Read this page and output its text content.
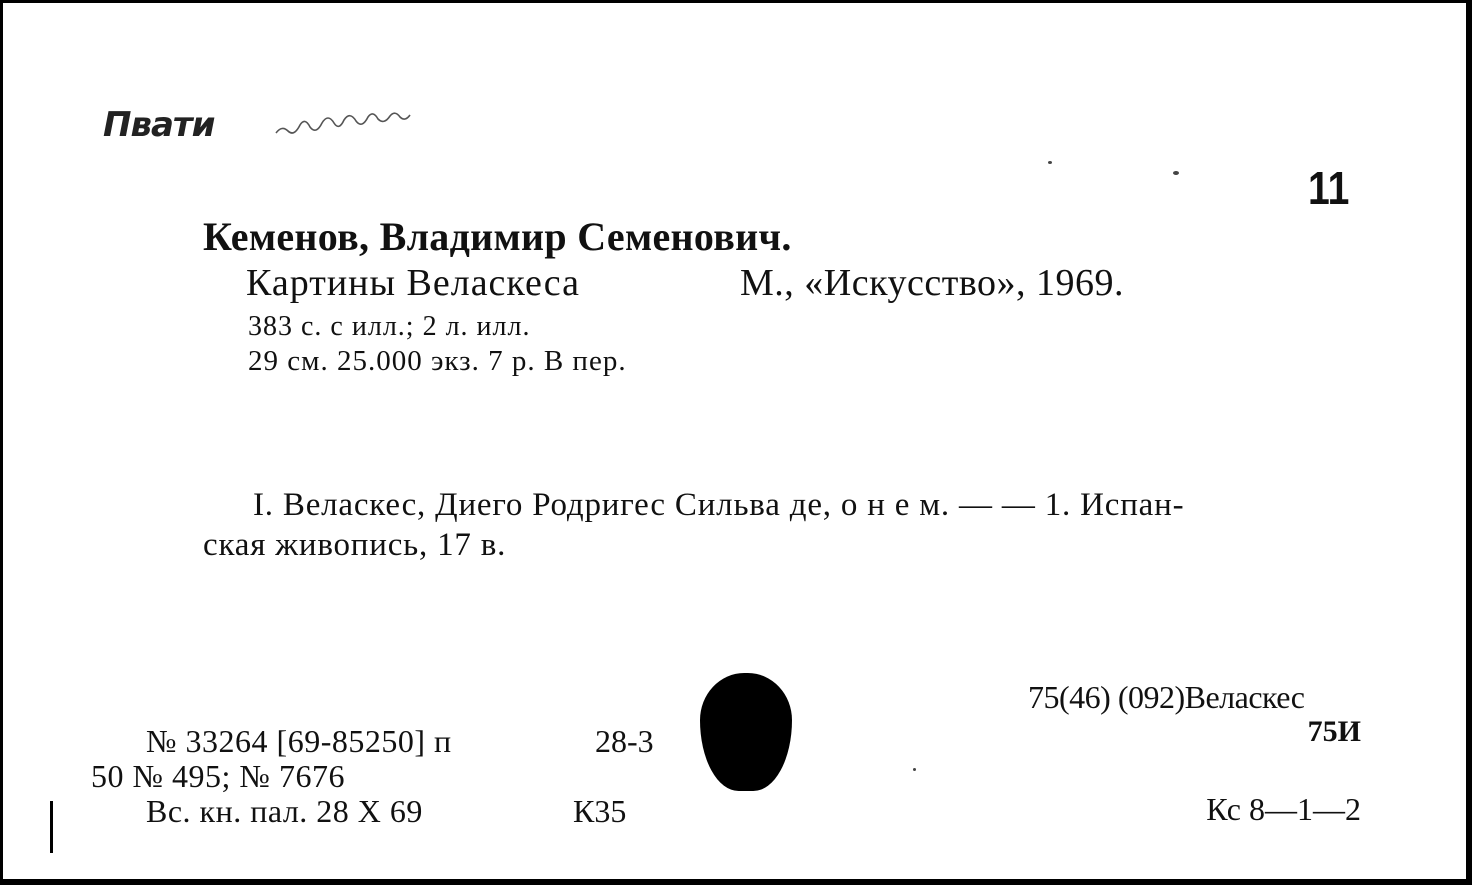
Пвати
11
Кеменов, Владимир Семенович.
Картины Веласкеса	М., «Искусство», 1969.
383 с. с илл.; 2 л. илл.
29 см. 25.000 экз. 7 р. В пер.
I. Веласкес, Диего Родригес Сильва де, о н е м. — — 1. Испан-
ская живопись, 17 в.
75(46) (092)Веласкес
75И
№ 33264 [69-85250] п	28-3
50 № 495; № 7676
Вс. кн. пал. 28 X 69	К35	Кс 8—1—2
